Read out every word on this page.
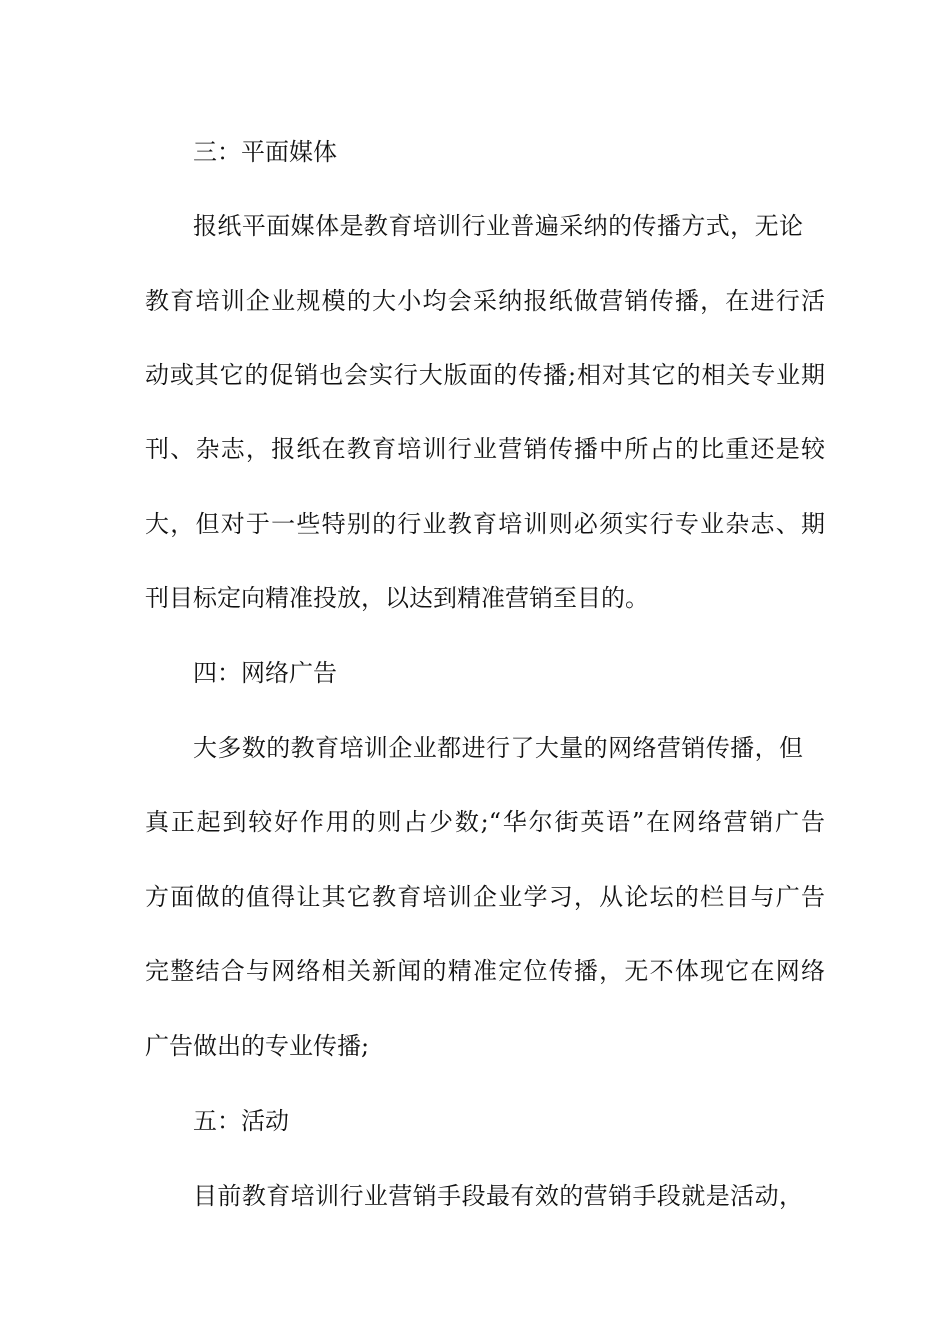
三：平面媒体
报纸平面媒体是教育培训行业普遍采纳的传播方式，无论
教育培训企业规模的大小均会采纳报纸做营销传播，在进行活
动或其它的促销也会实行大版面的传播;相对其它的相关专业期
刊、杂志，报纸在教育培训行业营销传播中所占的比重还是较
大，但对于一些特别的行业教育培训则必须实行专业杂志、期
刊目标定向精准投放，以达到精准营销至目的。
四：网络广告
大多数的教育培训企业都进行了大量的网络营销传播，但
真正起到较好作用的则占少数;“华尔街英语”在网络营销广告
方面做的值得让其它教育培训企业学习，从论坛的栏目与广告
完整结合与网络相关新闻的精准定位传播，无不体现它在网络
广告做出的专业传播;
五：活动
目前教育培训行业营销手段最有效的营销手段就是活动，
